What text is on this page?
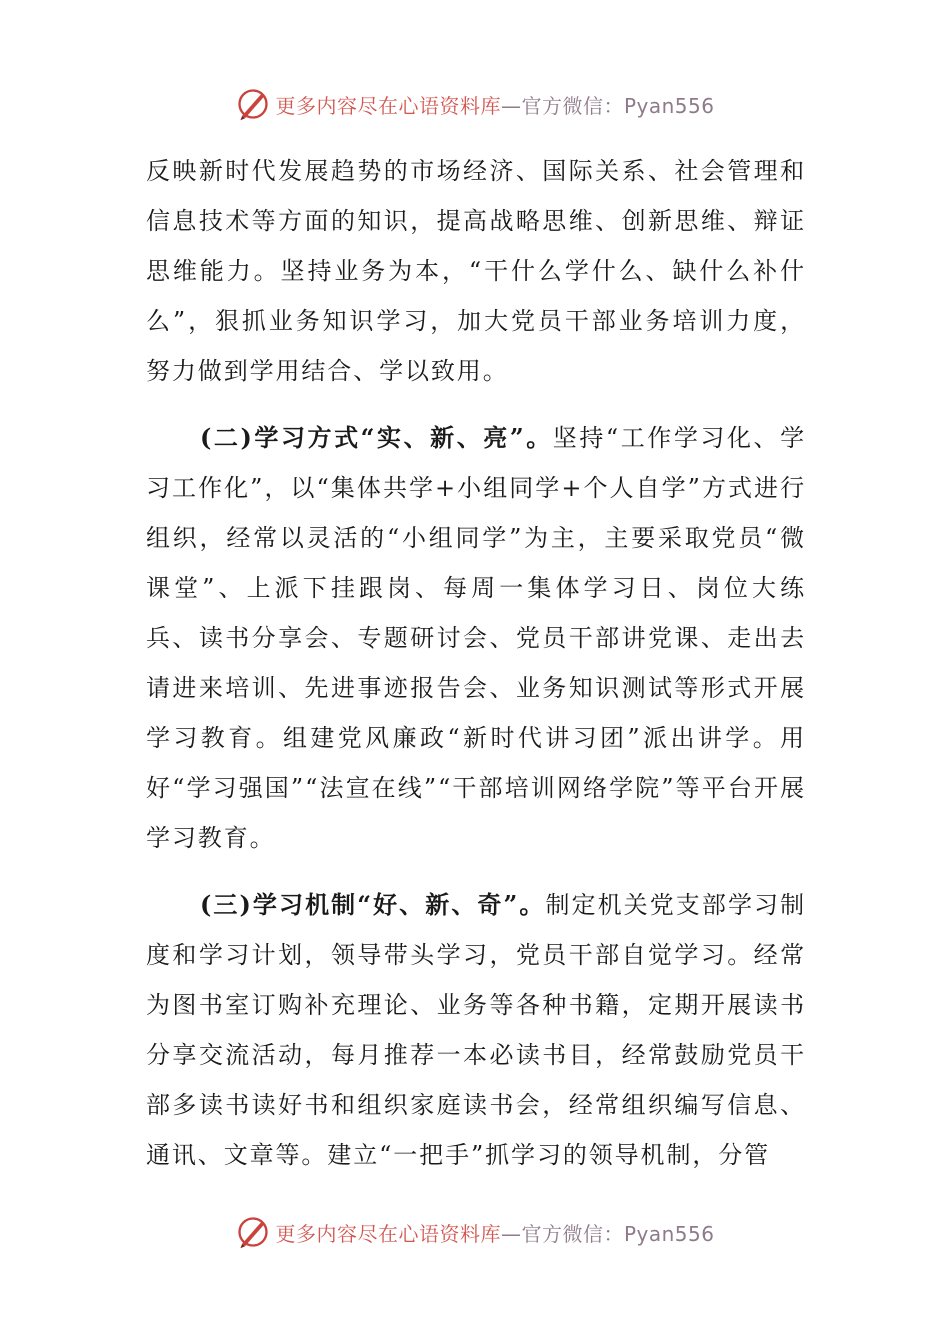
更多内容尽在心语资料库 —官方微信：Pyan556

反映新时代发展趋势的市场经济、国际关系、社会管理和信息技术等方面的知识，提高战略思维、创新思维、辩证思维能力。坚持业务为本，“干什么学什么、缺什么补什么”，狠抓业务知识学习，加大党员干部业务培训力度，努力做到学用结合、学以致用。

(二)学习方式“实、新、亮”。坚持“工作学习化、学习工作化”，以“集体共学+小组同学+个人自学”方式进行组织，经常以灵活的“小组同学”为主，主要采取党员“微课堂”、上派下挂跟岗、每周一集体学习日、岗位大练兵、读书分享会、专题研讨会、党员干部讲党课、走出去请进来培训、先进事迹报告会、业务知识测试等形式开展学习教育。组建党风廉政“新时代讲习团”派出讲学。用好“学习强国”“法宣在线”“干部培训网络学院”等平台开展学习教育。

(三)学习机制“好、新、奇”。制定机关党支部学习制度和学习计划，领导带头学习，党员干部自觉学习。经常为图书室订购补充理论、业务等各种书籍，定期开展读书分享交流活动，每月推荐一本必读书目，经常鼓励党员干部多读书读好书和组织家庭读书会，经常组织编写信息、通讯、文章等。建立“一把手”抓学习的领导机制，分管

更多内容尽在心语资料库 —官方微信：Pyan556
